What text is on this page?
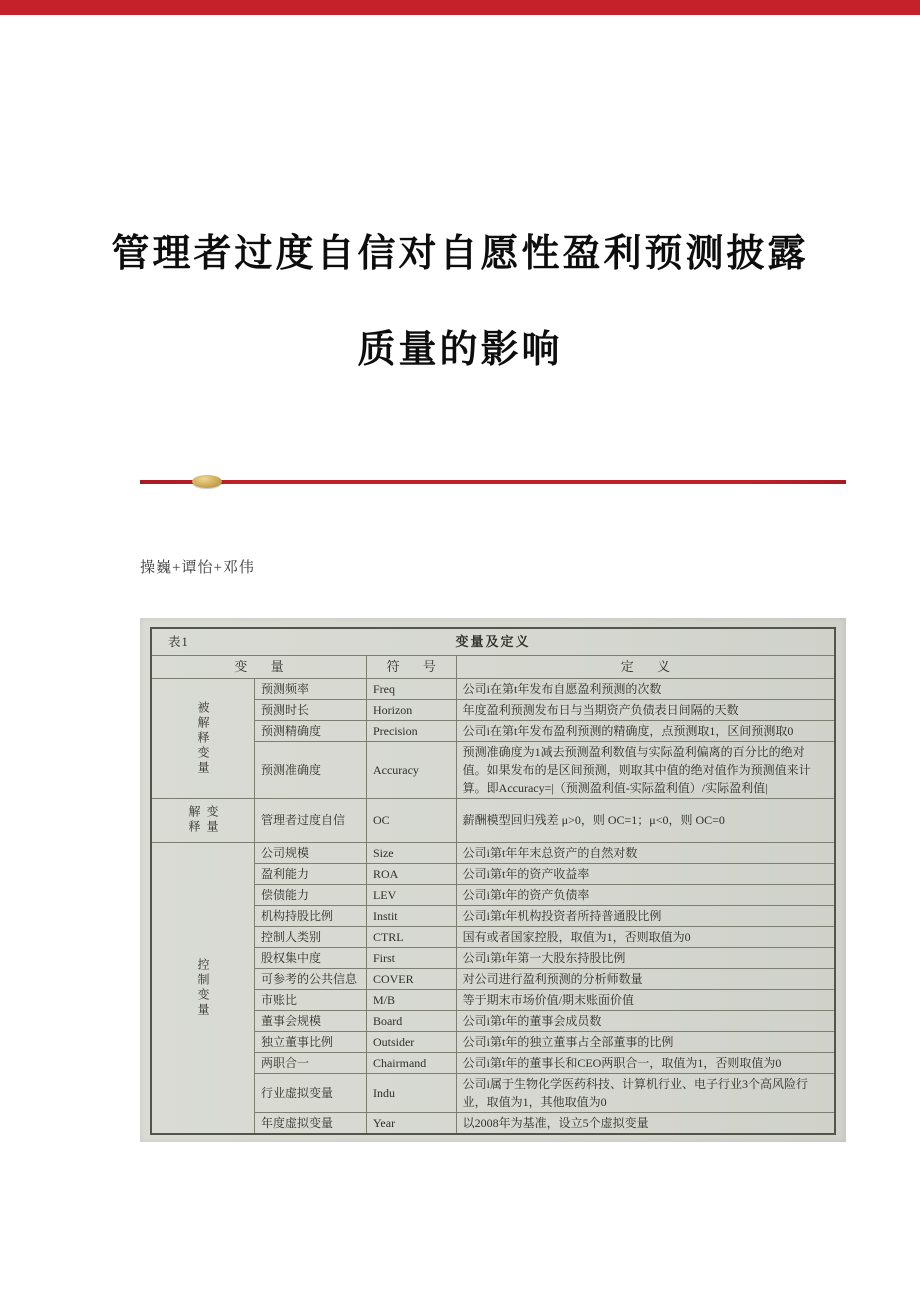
管理者过度自信对自愿性盈利预测披露
质量的影响
操巍+谭怡+邓伟
表1 变量及定义			
变 量		符 号	定 义
被解释变量	预测频率	Freq	公司i在第t年发布自愿盈利预测的次数
	预测时长	Horizon	年度盈利预测发布日与当期资产负债表日间隔的天数
	预测精确度	Precision	公司i在第t年发布盈利预测的精确度，点预测取1，区间预测取0
	预测准确度	Accuracy	预测准确度为1减去预测盈利数值与实际盈利偏离的百分比的绝对值。如果发布的是区间预测，则取其中值的绝对值作为预测值来计算。即Accuracy=|（预测盈利值-实际盈利值）/实际盈利值|
解释变量	管理者过度自信	OC	薪酬模型回归残差 μ>0，则 OC=1；μ<0，则 OC=0
控制变量	公司规模	Size	公司i第t年年末总资产的自然对数
	盈利能力	ROA	公司i第t年的资产收益率
	偿债能力	LEV	公司i第t年的资产负债率
	机构持股比例	Instit	公司i第t年机构投资者所持普通股比例
	控制人类别	CTRL	国有或者国家控股，取值为1，否则取值为0
	股权集中度	First	公司i第t年第一大股东持股比例
	可参考的公共信息	COVER	对公司进行盈利预测的分析师数量
	市账比	M/B	等于期末市场价值/期末账面价值
	董事会规模	Board	公司i第t年的董事会成员数
	独立董事比例	Outsider	公司i第t年的独立董事占全部董事的比例
	两职合一	Chairmand	公司i第t年的董事长和CEO两职合一，取值为1，否则取值为0
	行业虚拟变量	Indu	公司i属于生物化学医药科技、计算机行业、电子行业3个高风险行业，取值为1，其他取值为0
	年度虚拟变量	Year	以2008年为基准，设立5个虚拟变量
